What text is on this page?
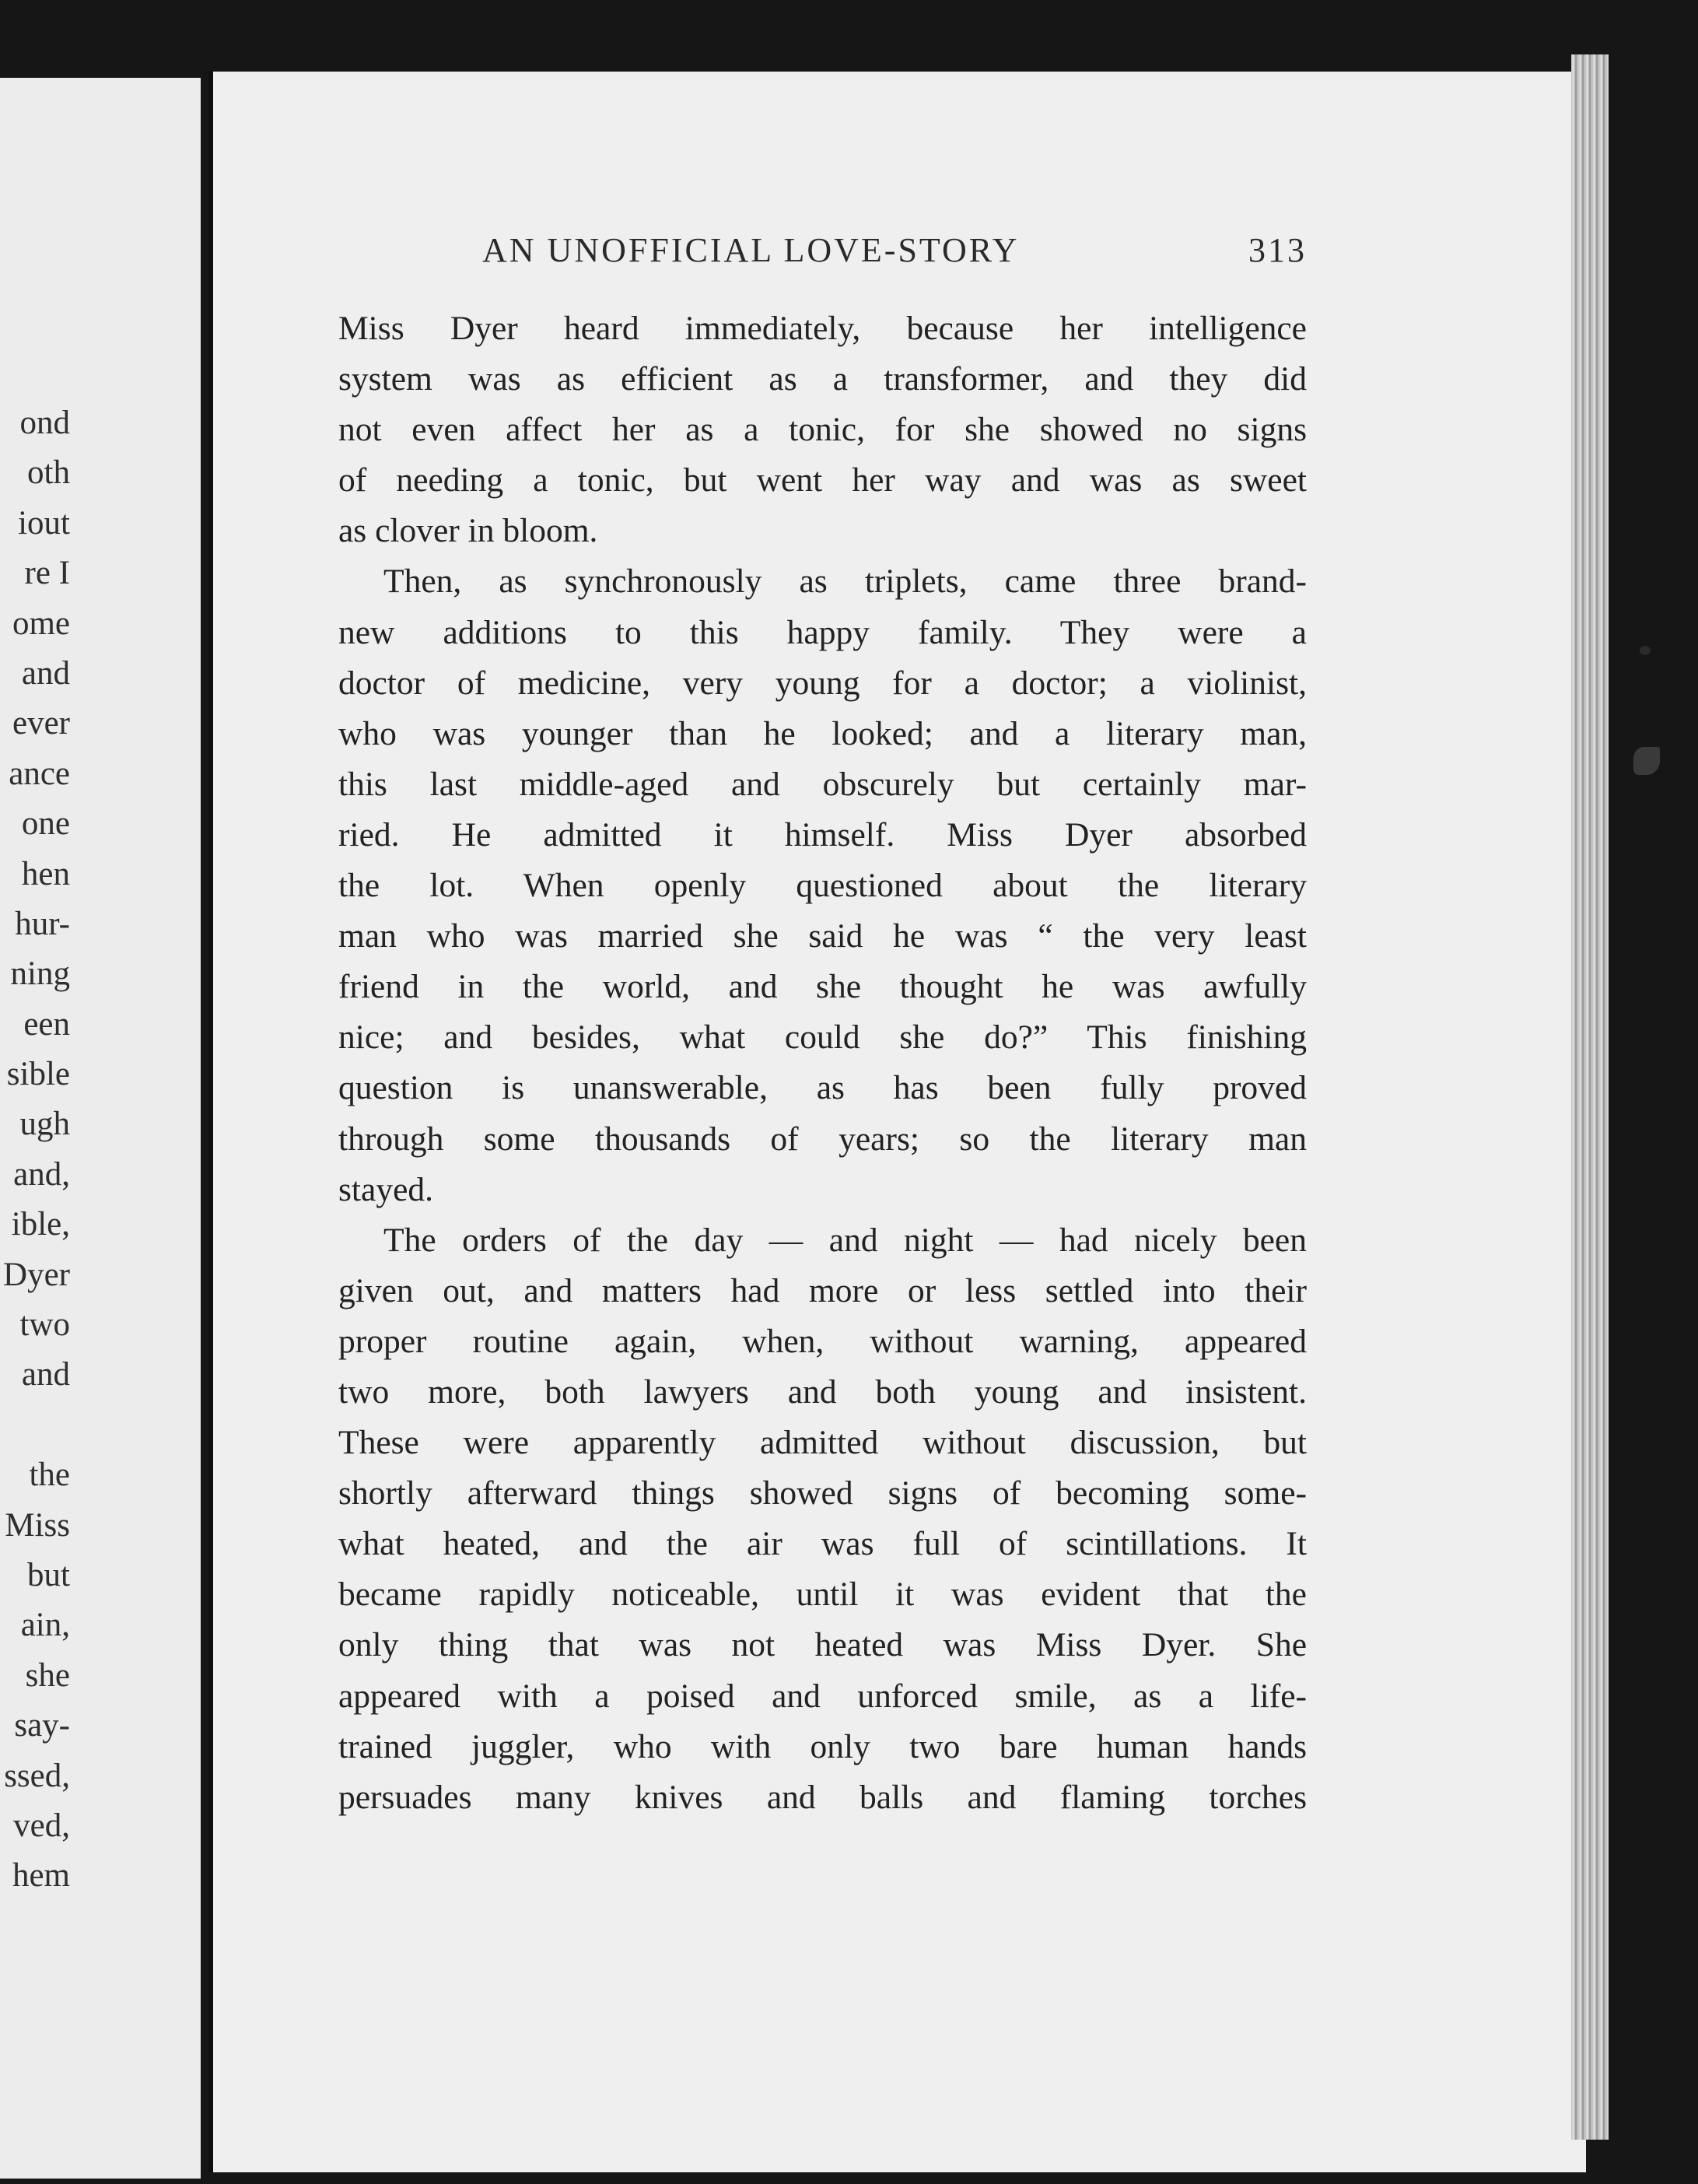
ond
oth
iout
re I
ome
and
ever
ance
one
hen
hur-
ning
een
sible
ugh
and,
ible,
Dyer
two
and
the
Miss
but
ain,
she
say-
ssed,
ved,
hem
AN UNOFFICIAL LOVE-STORY	313

Miss Dyer heard immediately, because her intelligence
system was as efficient as a transformer, and they did
not even affect her as a tonic, for she showed no signs
of needing a tonic, but went her way and was as sweet
as clover in bloom.

Then, as synchronously as triplets, came three brand-
new additions to this happy family. They were a
doctor of medicine, very young for a doctor; a violinist,
who was younger than he looked; and a literary man,
this last middle-aged and obscurely but certainly mar-
ried. He admitted it himself. Miss Dyer absorbed
the lot. When openly questioned about the literary
man who was married she said he was “ the very least
friend in the world, and she thought he was awfully
nice; and besides, what could she do?” This finishing
question is unanswerable, as has been fully proved
through some thousands of years; so the literary man
stayed.

The orders of the day — and night — had nicely been
given out, and matters had more or less settled into their
proper routine again, when, without warning, appeared
two more, both lawyers and both young and insistent.
These were apparently admitted without discussion, but
shortly afterward things showed signs of becoming some-
what heated, and the air was full of scintillations. It
became rapidly noticeable, until it was evident that the
only thing that was not heated was Miss Dyer. She
appeared with a poised and unforced smile, as a life-
trained juggler, who with only two bare human hands
persuades many knives and balls and flaming torches
